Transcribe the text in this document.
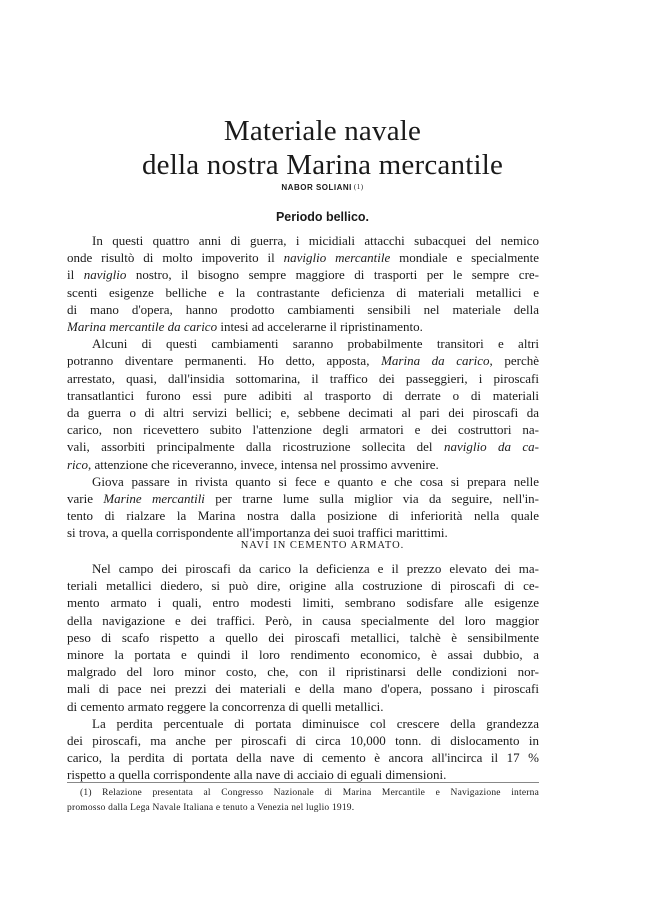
Materiale navale
della nostra Marina mercantile
NABOR SOLIANI $^{(1)}$
Periodo bellico.
In questi quattro anni di guerra, i micidiali attacchi subacquei del nemico
onde risultò di molto impoverito il naviglio mercantile mondiale e specialmente
il naviglio nostro, il bisogno sempre maggiore di trasporti per le sempre cre-
scenti esigenze belliche e la contrastante deficienza di materiali metallici e
di mano d'opera, hanno prodotto cambiamenti sensibili nel materiale della
Marina mercantile da carico intesi ad accelerarne il ripristinamento.
Alcuni di questi cambiamenti saranno probabilmente transitori e altri
potranno diventare permanenti. Ho detto, apposta, Marina da carico, perchè
arrestato, quasi, dall'insidia sottomarina, il traffico dei passeggieri, i piroscafi
transatlantici furono essi pure adibiti al trasporto di derrate o di materiali
da guerra o di altri servizi bellici; e, sebbene decimati al pari dei piroscafi da
carico, non ricevettero subito l'attenzione degli armatori e dei costruttori na-
vali, assorbiti principalmente dalla ricostruzione sollecita del naviglio da ca-
rico, attenzione che riceveranno, invece, intensa nel prossimo avvenire.
Giova passare in rivista quanto si fece e quanto e che cosa si prepara nelle
varie Marine mercantili per trarne lume sulla miglior via da seguire, nell'in-
tento di rialzare la Marina nostra dalla posizione di inferiorità nella quale
si trova, a quella corrispondente all'importanza dei suoi traffici marittimi.
NAVI IN CEMENTO ARMATO.
Nel campo dei piroscafi da carico la deficienza e il prezzo elevato dei ma-
teriali metallici diedero, si può dire, origine alla costruzione di piroscafi di ce-
mento armato i quali, entro modesti limiti, sembrano sodisfare alle esigenze
della navigazione e dei traffici. Però, in causa specialmente del loro maggior
peso di scafo rispetto a quello dei piroscafi metallici, talchè è sensibilmente
minore la portata e quindi il loro rendimento economico, è assai dubbio, a
malgrado del loro minor costo, che, con il ripristinarsi delle condizioni nor-
mali di pace nei prezzi dei materiali e della mano d'opera, possano i piroscafi
di cemento armato reggere la concorrenza di quelli metallici.
La perdita percentuale di portata diminuisce col crescere della grandezza
dei piroscafi, ma anche per piroscafi di circa 10,000 tonn. di dislocamento in
carico, la perdita di portata della nave di cemento è ancora all'incirca il 17 %
rispetto a quella corrispondente alla nave di acciaio di eguali dimensioni.
(1) Relazione presentata al Congresso Nazionale di Marina Mercantile e Navigazione interna
promosso dalla Lega Navale Italiana e tenuto a Venezia nel luglio 1919.
